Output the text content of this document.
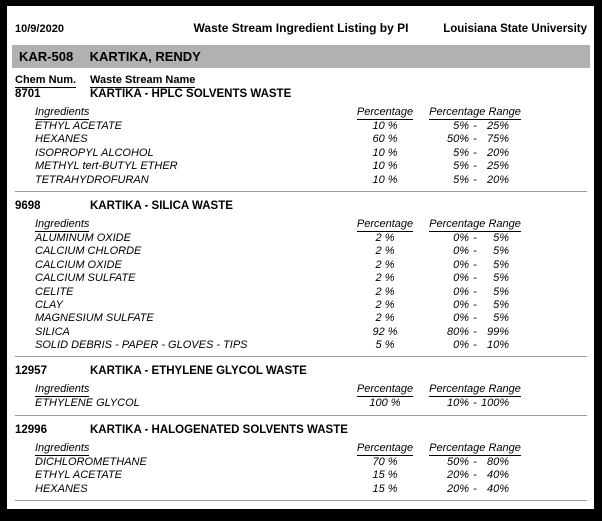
10/9/2020	Waste Stream Ingredient Listing by PI	Louisiana State University
KAR-508 KARTIKA, RENDY
Chem Num.	Waste Stream Name
8701	KARTIKA - HPLC SOLVENTS WASTE
Ingredients	Percentage	Percentage Range
ETHYL ACETATE	10 %	5% - 25%
HEXANES	60 %	50% - 75%
ISOPROPYL ALCOHOL	10 %	5% - 20%
METHYL tert-BUTYL ETHER	10 %	5% - 25%
TETRAHYDROFURAN	10 %	5% - 20%
9698	KARTIKA - SILICA WASTE
Ingredients	Percentage	Percentage Range
ALUMINUM OXIDE	2 %	0% -	5%
CALCIUM CHLORDE	2 %	0% -	5%
CALCIUM OXIDE	2 %	0% -	5%
CALCIUM SULFATE	2 %	0% -	5%
CELITE	2 %	0% -	5%
CLAY	2 %	0% -	5%
MAGNESIUM SULFATE	2 %	0% -	5%
SILICA	92 %	80% - 99%
SOLID DEBRIS - PAPER - GLOVES - TIPS	5 %	0% - 10%
12957	KARTIKA - ETHYLENE GLYCOL WASTE
Ingredients	Percentage	Percentage Range
ETHYLENE GLYCOL	100 %	10% - 100%
12996	KARTIKA - HALOGENATED SOLVENTS WASTE
Ingredients	Percentage	Percentage Range
DICHLOROMETHANE	70 %	50% - 80%
ETHYL ACETATE	15 %	20% - 40%
HEXANES	15 %	20% - 40%
